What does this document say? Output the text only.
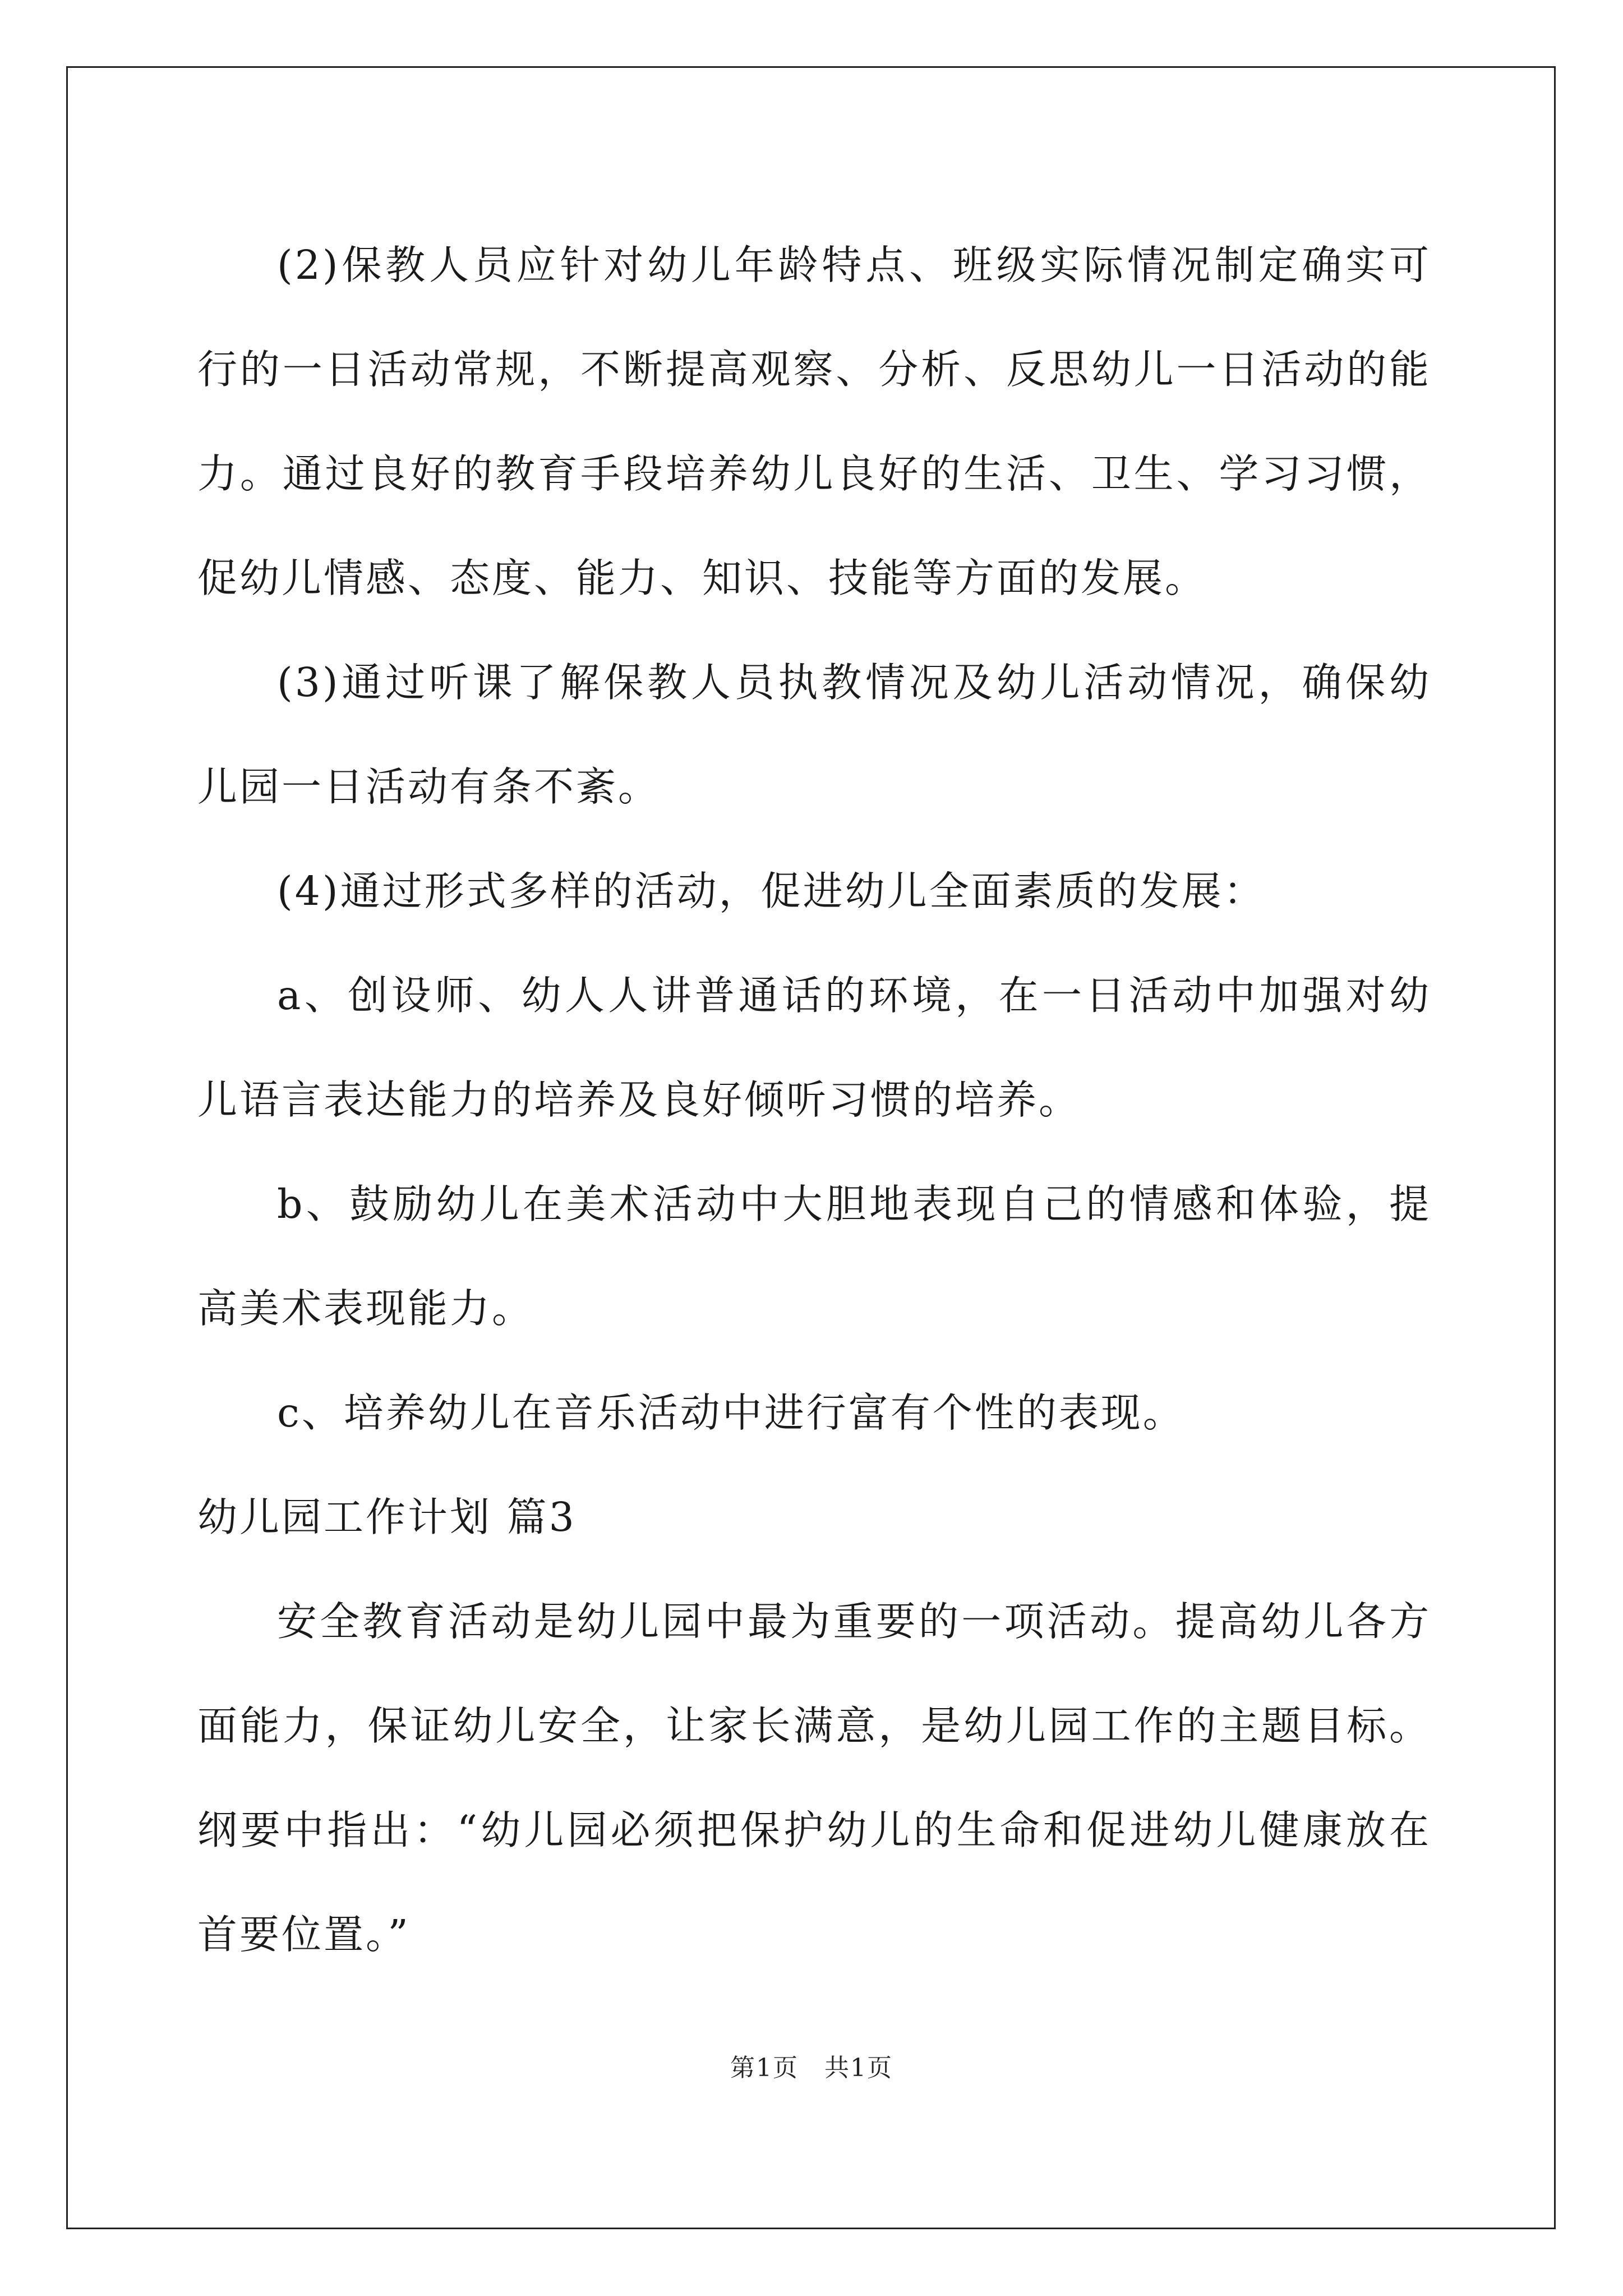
(2)保教人员应针对幼儿年龄特点、班级实际情况制定确实可行的一日活动常规，不断提高观察、分析、反思幼儿一日活动的能力。通过良好的教育手段培养幼儿良好的生活、卫生、学习习惯，促幼儿情感、态度、能力、知识、技能等方面的发展。

(3)通过听课了解保教人员执教情况及幼儿活动情况，确保幼儿园一日活动有条不紊。

(4)通过形式多样的活动，促进幼儿全面素质的发展：

a、创设师、幼人人讲普通话的环境，在一日活动中加强对幼儿语言表达能力的培养及良好倾听习惯的培养。

b、鼓励幼儿在美术活动中大胆地表现自己的情感和体验，提高美术表现能力。

c、培养幼儿在音乐活动中进行富有个性的表现。

幼儿园工作计划 篇3

安全教育活动是幼儿园中最为重要的一项活动。提高幼儿各方面能力，保证幼儿安全，让家长满意，是幼儿园工作的主题目标。纲要中指出：“幼儿园必须把保护幼儿的生命和促进幼儿健康放在首要位置。”

第1页　共1页
